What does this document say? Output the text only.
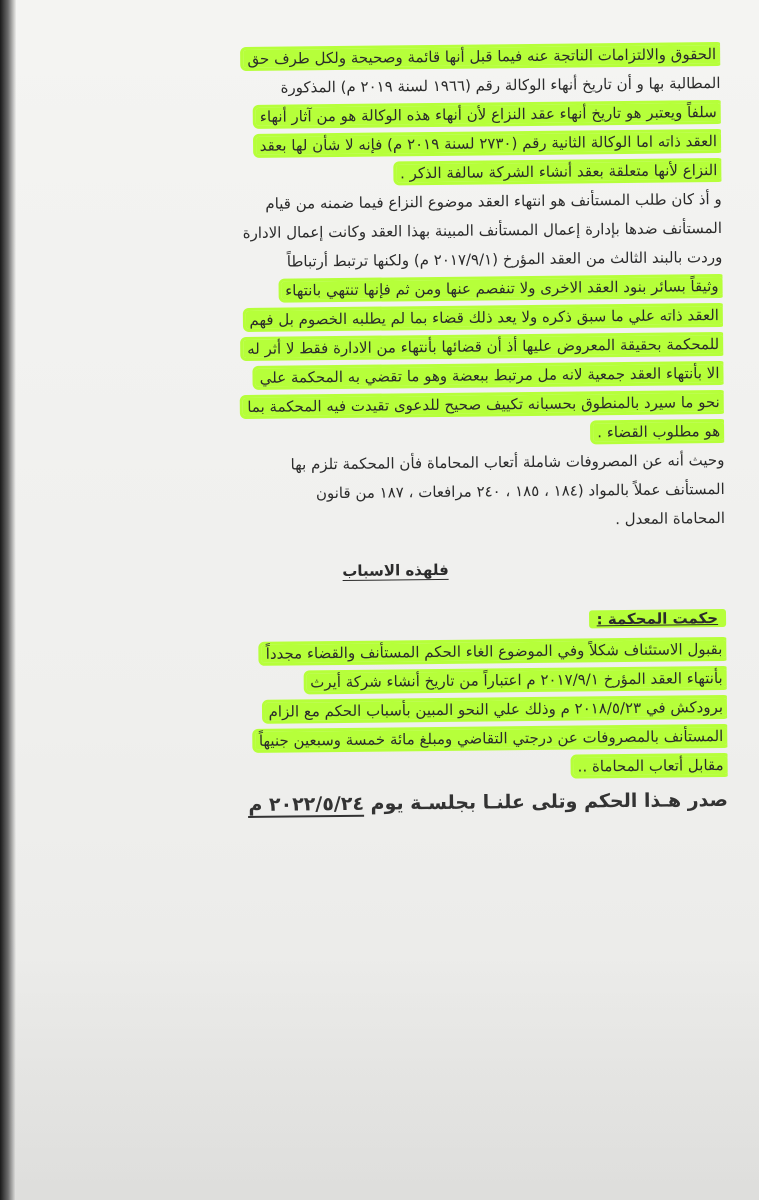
الحقوق والالتزامات الناتجة عنه فيما قبل أنها قائمة وصحيحة ولكل طرف حق
المطالبة بها و أن تاريخ أنهاء الوكالة رقم (١٩٦٦ لسنة ٢٠١٩ م) المذكورة
سلفاً ويعتبر هو تاريخ أنهاء عقد النزاع لأن أنهاء هذه الوكالة هو من آثار أنهاء
العقد ذاته اما الوكالة الثانية رقم (٢٧٣٠ لسنة ٢٠١٩ م) فإنه لا شأن لها بعقد
النزاع لأنها متعلقة بعقد أنشاء الشركة سالفة الذكر .
و أذ كان طلب المستأنف هو انتهاء العقد موضوع النزاع فيما ضمنه من قيام
المستأنف ضدها بإدارة إعمال المستأنف المبينة بهذا العقد وكانت إعمال الادارة
وردت بالبند الثالث من العقد المؤرخ (٢٠١٧/٩/١ م) ولكنها ترتبط أرتباطاً
وثيقاً بسائر بنود العقد الاخرى ولا تنفصم عنها ومن ثم فإنها تنتهي بانتهاء
العقد ذاته علي ما سبق ذكره ولا يعد ذلك قضاء بما لم يطلبه الخصوم بل فهم
للمحكمة بحقيقة المعروض عليها أذ أن قضائها بأنتهاء من الادارة فقط لا أثر له
الا بأنتهاء العقد جمعية لانه مل مرتبط ببعضة وهو ما تقضي به المحكمة علي
نحو ما سيرد بالمنطوق بحسبانه تكييف صحيح للدعوى تقيدت فيه المحكمة بما
هو مطلوب القضاء .
وحيث أنه عن المصروفات شاملة أتعاب المحاماة فأن المحكمة تلزم بها
المستأنف عملاً بالمواد (١٨٤ ، ١٨٥ ، ٢٤٠ مرافعات ، ١٨٧ من قانون
المحاماة المعدل .
فلهذه الاسباب
حكمت المحكمة :
بقبول الاستئناف شكلاً وفي الموضوع الغاء الحكم المستأنف والقضاء مجدداً
بأنتهاء العقد المؤرخ ٢٠١٧/٩/١ م اعتباراً من تاريخ أنشاء شركة أيرث
برودكش في ٢٠١٨/٥/٢٣ م وذلك علي النحو المبين بأسباب الحكم مع الزام
المستأنف بالمصروفات عن درجتي التقاضي ومبلغ مائة خمسة وسبعين جنيهاً
مقابل أتعاب المحاماة ..
صدر هـذا الحكم وتلى علنـا بجلسـة يوم ٢٠٢٢/٥/٢٤ م
